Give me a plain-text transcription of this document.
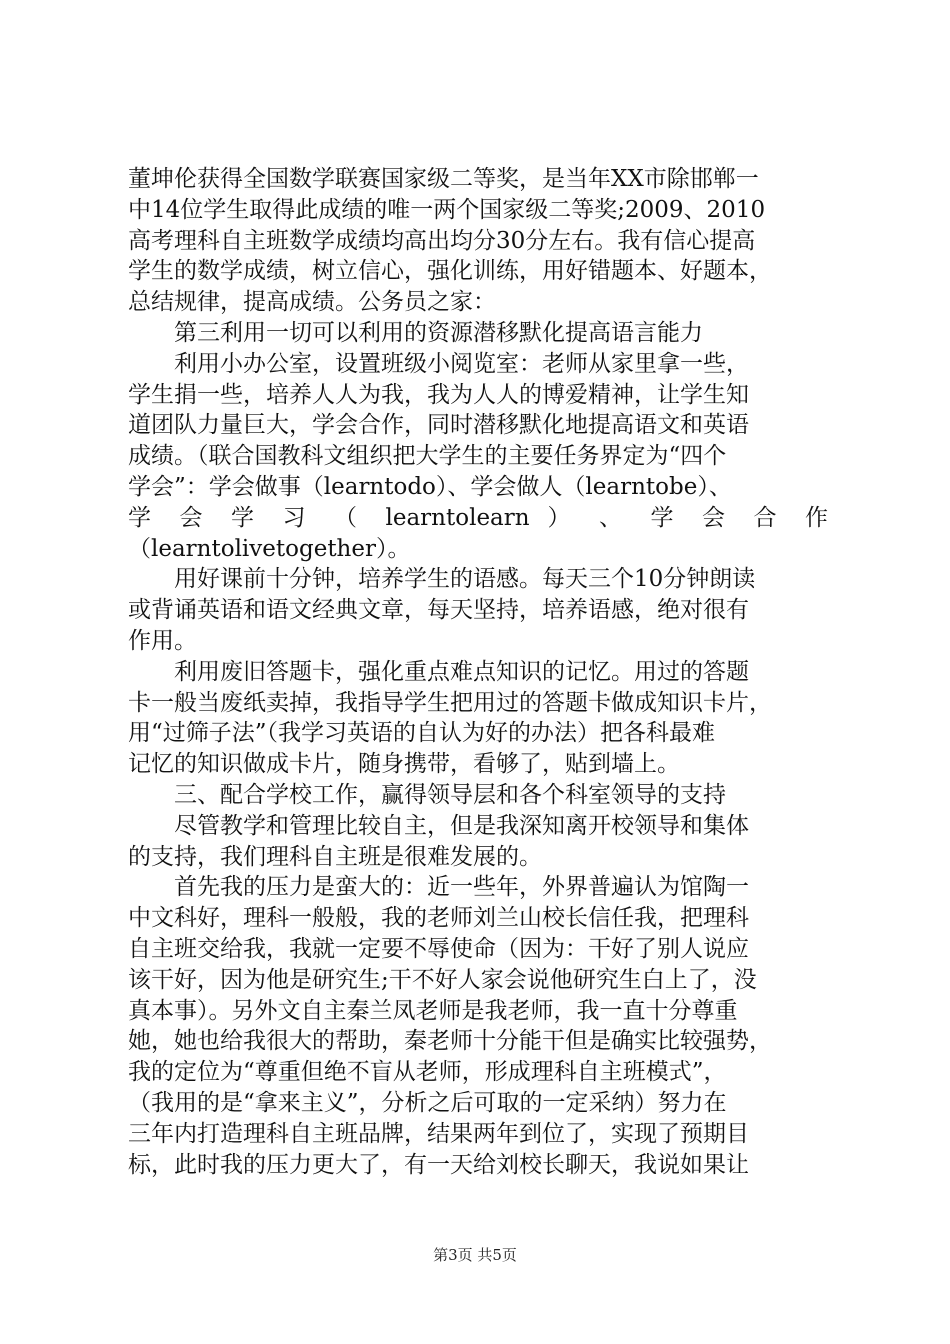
董坤伦获得全国数学联赛国家级二等奖，是当年XX市除邯郸一
中14位学生取得此成绩的唯一两个国家级二等奖;2009、2010
高考理科自主班数学成绩均高出均分30分左右。我有信心提高
学生的数学成绩，树立信心，强化训练，用好错题本、好题本，
总结规律，提高成绩。公务员之家：
　　第三利用一切可以利用的资源潜移默化提高语言能力
　　利用小办公室，设置班级小阅览室：老师从家里拿一些，
学生捐一些，培养人人为我，我为人人的博爱精神，让学生知
道团队力量巨大，学会合作，同时潜移默化地提高语文和英语
成绩。（联合国教科文组织把大学生的主要任务界定为“四个
学会”：学会做事（learntodo）、学会做人（learntobe）、
学 会 学 习 （ learntolearn ） 、 学 会 合 作
（learntolivetogether）。
　　用好课前十分钟，培养学生的语感。每天三个10分钟朗读
或背诵英语和语文经典文章，每天坚持，培养语感，绝对很有
作用。
　　利用废旧答题卡，强化重点难点知识的记忆。用过的答题
卡一般当废纸卖掉，我指导学生把用过的答题卡做成知识卡片，
用“过筛子法”（我学习英语的自认为好的办法）把各科最难
记忆的知识做成卡片，随身携带，看够了，贴到墙上。
　　三、配合学校工作，赢得领导层和各个科室领导的支持
　　尽管教学和管理比较自主，但是我深知离开校领导和集体
的支持，我们理科自主班是很难发展的。
　　首先我的压力是蛮大的：近一些年，外界普遍认为馆陶一
中文科好，理科一般般，我的老师刘兰山校长信任我，把理科
自主班交给我，我就一定要不辱使命（因为：干好了别人说应
该干好，因为他是研究生;干不好人家会说他研究生白上了，没
真本事）。另外文自主秦兰凤老师是我老师，我一直十分尊重
她，她也给我很大的帮助，秦老师十分能干但是确实比较强势，
我的定位为“尊重但绝不盲从老师，形成理科自主班模式”，
（我用的是“拿来主义”，分析之后可取的一定采纳）努力在
三年内打造理科自主班品牌，结果两年到位了，实现了预期目
标，此时我的压力更大了，有一天给刘校长聊天，我说如果让
第3页 共5页
